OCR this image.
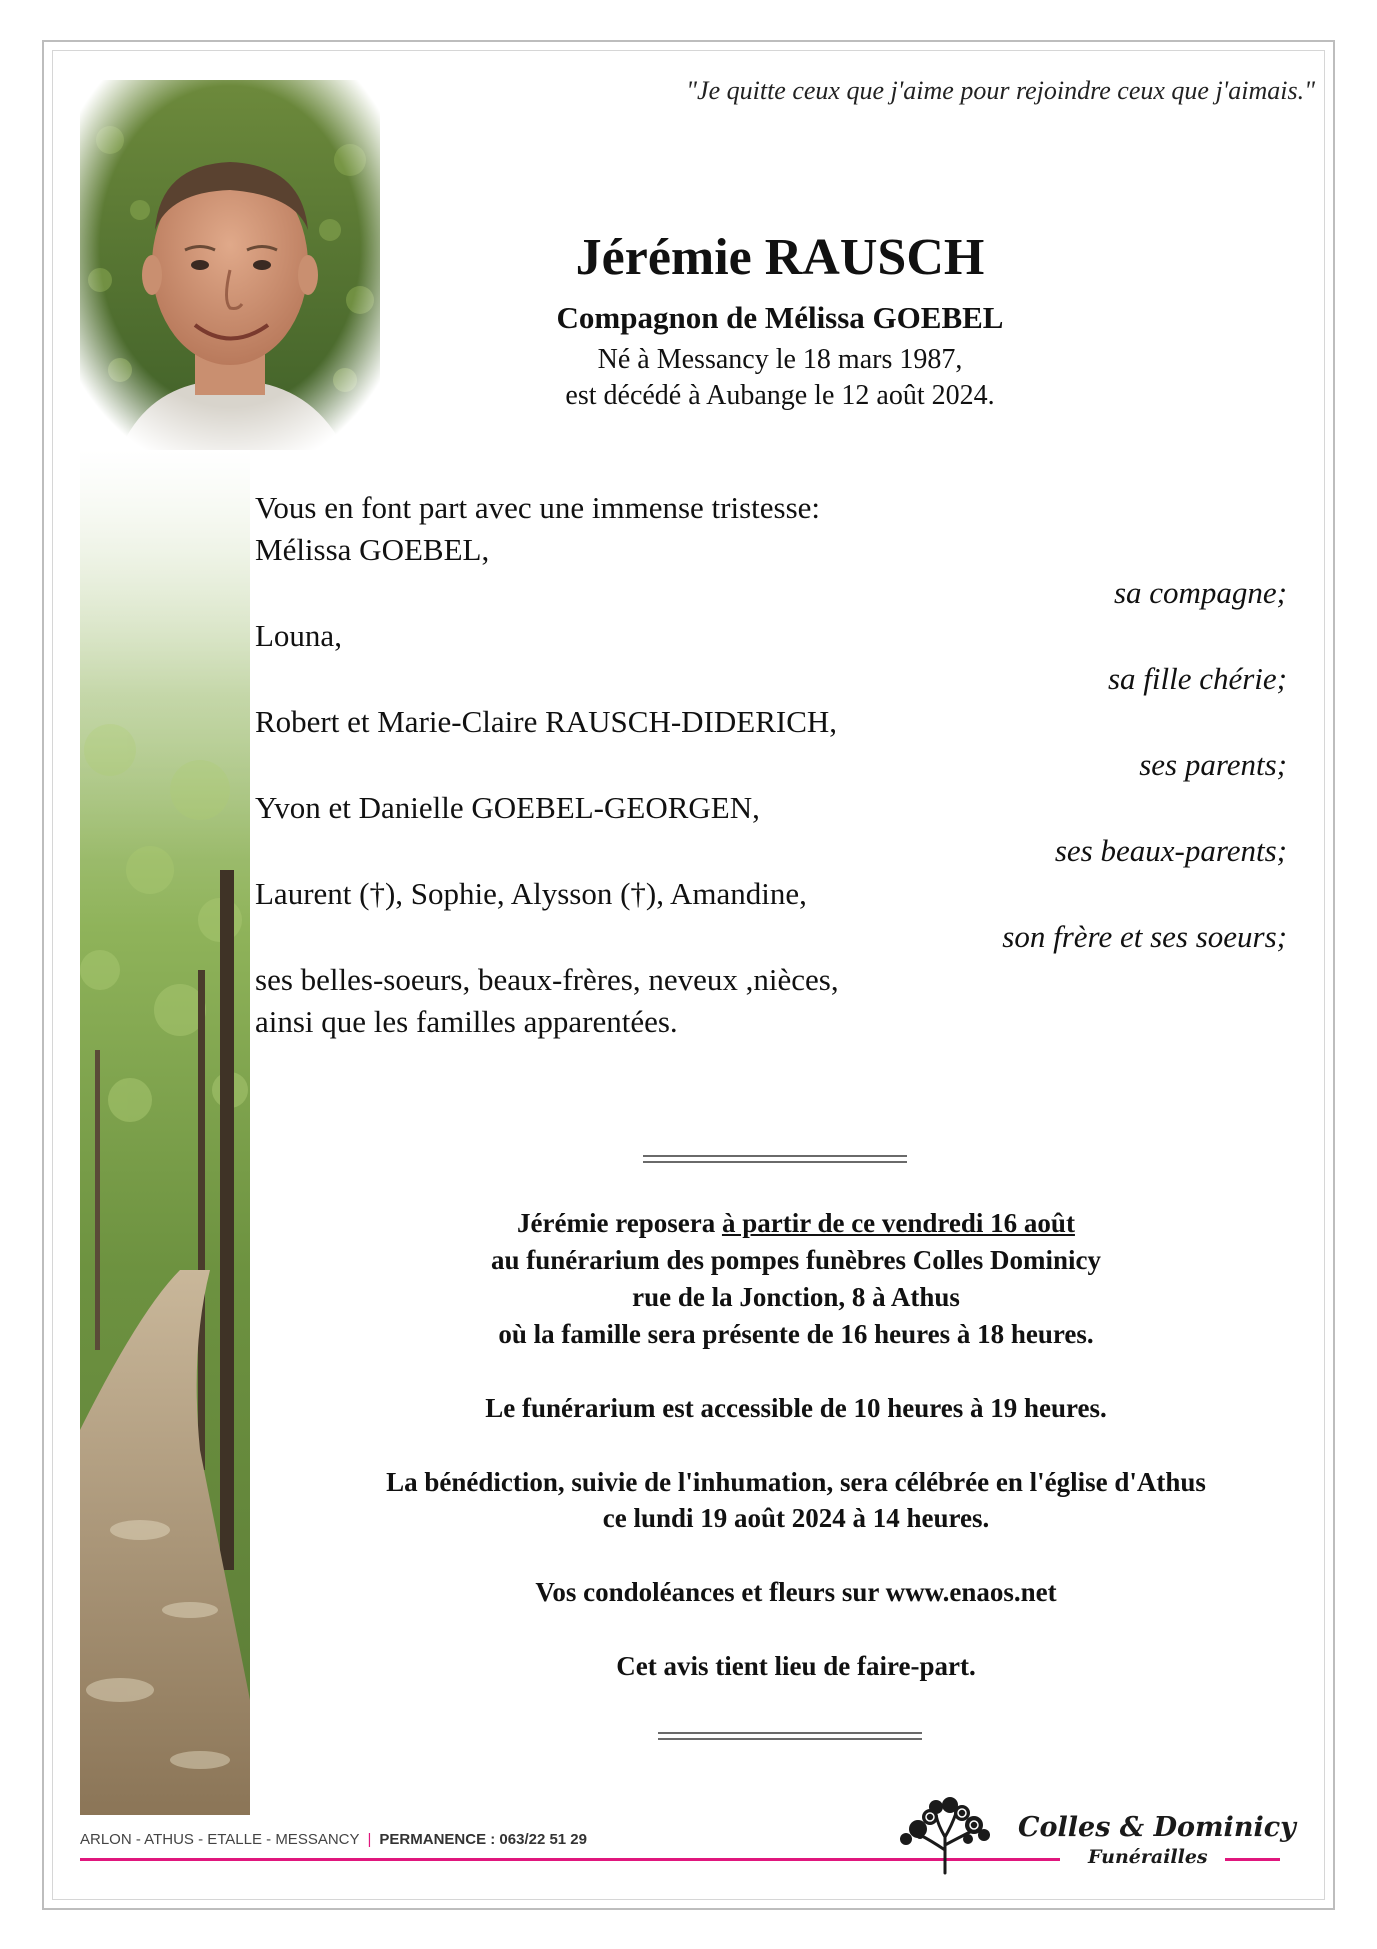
"Je quitte ceux que j'aime pour rejoindre ceux que j'aimais."
Jérémie RAUSCH
Compagnon de Mélissa GOEBEL
Né à Messancy le 18 mars 1987,
est décédé à Aubange le 12 août 2024.
Vous en font part avec une immense tristesse:
Mélissa GOEBEL,
sa compagne;
Louna,
sa fille chérie;
Robert et Marie-Claire RAUSCH-DIDERICH,
ses parents;
Yvon et Danielle GOEBEL-GEORGEN,
ses beaux-parents;
Laurent (†), Sophie, Alysson (†), Amandine,
son frère et ses soeurs;
ses belles-soeurs, beaux-frères, neveux ,nièces,
ainsi que les familles apparentées.
Jérémie reposera à partir de ce vendredi 16 août
au funérarium des pompes funèbres Colles Dominicy
rue de la Jonction, 8 à Athus
où la famille sera présente de 16 heures à 18 heures.
Le funérarium est accessible de 10 heures à 19 heures.
La bénédiction, suivie de l'inhumation, sera célébrée en l'église d'Athus
ce lundi 19 août 2024 à 14 heures.
Vos condoléances et fleurs sur www.enaos.net
Cet avis tient lieu de faire-part.
ARLON - ATHUS - ETALLE - MESSANCY | PERMANENCE : 063/22 51 29	Colles & Dominicy
Funérailles
